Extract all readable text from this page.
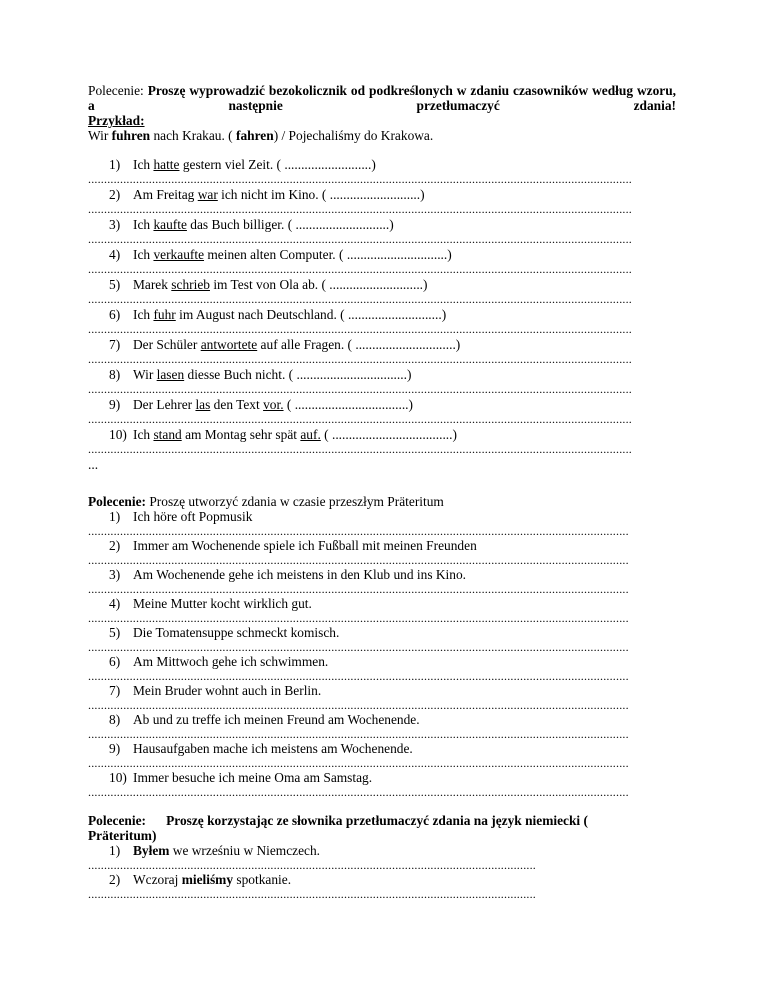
Polecenie: Proszę wyprowadzić bezokolicznik od podkreślonych w zdaniu czasowników według wzoru, a następnie przetłumaczyć zdania!
Przykład:
Wir fuhren nach Krakau. ( fahren) / Pojechaliśmy do Krakowa.
1) Ich hatte gestern viel Zeit. ( ..........................)
..........................................................................................................................................................................
2) Am Freitag war ich nicht im Kino. ( ...........................)
..........................................................................................................................................................................
3) Ich kaufte das Buch billiger. ( ............................)
..........................................................................................................................................................................
4) Ich verkaufte meinen alten Computer. ( ..............................)
..........................................................................................................................................................................
5) Marek schrieb im Test von Ola ab. ( ............................)
..........................................................................................................................................................................
6) Ich fuhr im August nach Deutschland. ( ............................)
..........................................................................................................................................................................
7) Der Schüler antwortete auf alle Fragen. ( ..............................)
..........................................................................................................................................................................
8) Wir lasen diesse Buch nicht. ( .................................)
..........................................................................................................................................................................
9) Der Lehrer las den Text vor. ( ..................................)
..........................................................................................................................................................................
10) Ich stand am Montag sehr spät auf. ( ....................................)
..........................................................................................................................................................................
...
Polecenie: Proszę utworzyć zdania w czasie przeszłym Präteritum
1) Ich höre oft Popmusik
.........................................................................................................................................................................
2) Immer am Wochenende spiele ich Fußball mit meinen Freunden
.........................................................................................................................................................................
3) Am Wochenende gehe ich meistens in den Klub und ins Kino.
.........................................................................................................................................................................
4) Meine Mutter kocht wirklich gut.
.........................................................................................................................................................................
5) Die Tomatensuppe schmeckt komisch.
.........................................................................................................................................................................
6) Am Mittwoch gehe ich schwimmen.
.........................................................................................................................................................................
7) Mein Bruder wohnt auch in Berlin.
.........................................................................................................................................................................
8) Ab und zu treffe ich meinen Freund am Wochenende.
.........................................................................................................................................................................
9) Hausaufgaben mache ich meistens am Wochenende.
.........................................................................................................................................................................
10) Immer besuche ich meine Oma am Samstag.
.........................................................................................................................................................................
Polecenie:      Proszę korzystając ze słownika przetłumaczyć zdania na język niemiecki (
Präteritum)
1) Byłem we wrześniu w Niemczech.
............................................................................................................................................
2) Wczoraj mieliśmy spotkanie.
............................................................................................................................................
